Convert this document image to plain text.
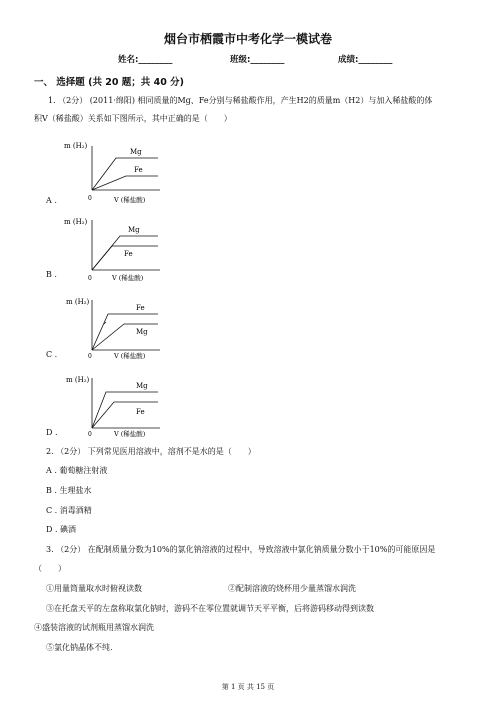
烟台市栖霞市中考化学一模试卷
姓名:________	班级:________	成绩:________
一、 选择题 (共 20 题；共 40 分)
1. （2分） (2011·绵阳) 相同质量的Mg、Fe分别与稀盐酸作用，产生H2的质量m（H2）与加入稀盐酸的体
积V（稀盐酸）关系如下图所示，其中正确的是（　　）
A .
B .
C .
D .
m (H₂)
Mg
Fe
0	V (稀盐酸)
m (H₂)
Mg
Fe
0	V (稀盐酸)
m (H₂)
Fe
Mg
0	V (稀盐酸)
m (H₂)
Mg
Fe
0	V (稀盐酸)
2. （2分） 下列常见医用溶液中，溶剂不是水的是（　　）
A . 葡萄糖注射液
B . 生理盐水
C . 消毒酒精
D . 碘酒
3. （2分） 在配制质量分数为10%的氯化钠溶液的过程中，导致溶液中氯化钠质量分数小于10%的可能原因是
（　　）
①用量筒量取水时俯视读数	②配制溶液的烧杯用少量蒸馏水润洗
③在托盘天平的左盘称取氯化钠时，游码不在零位置就调节天平平衡，后将游码移动得到读数
④盛装溶液的试剂瓶用蒸馏水润洗
⑤氯化钠晶体不纯.
第 1 页 共 15 页
